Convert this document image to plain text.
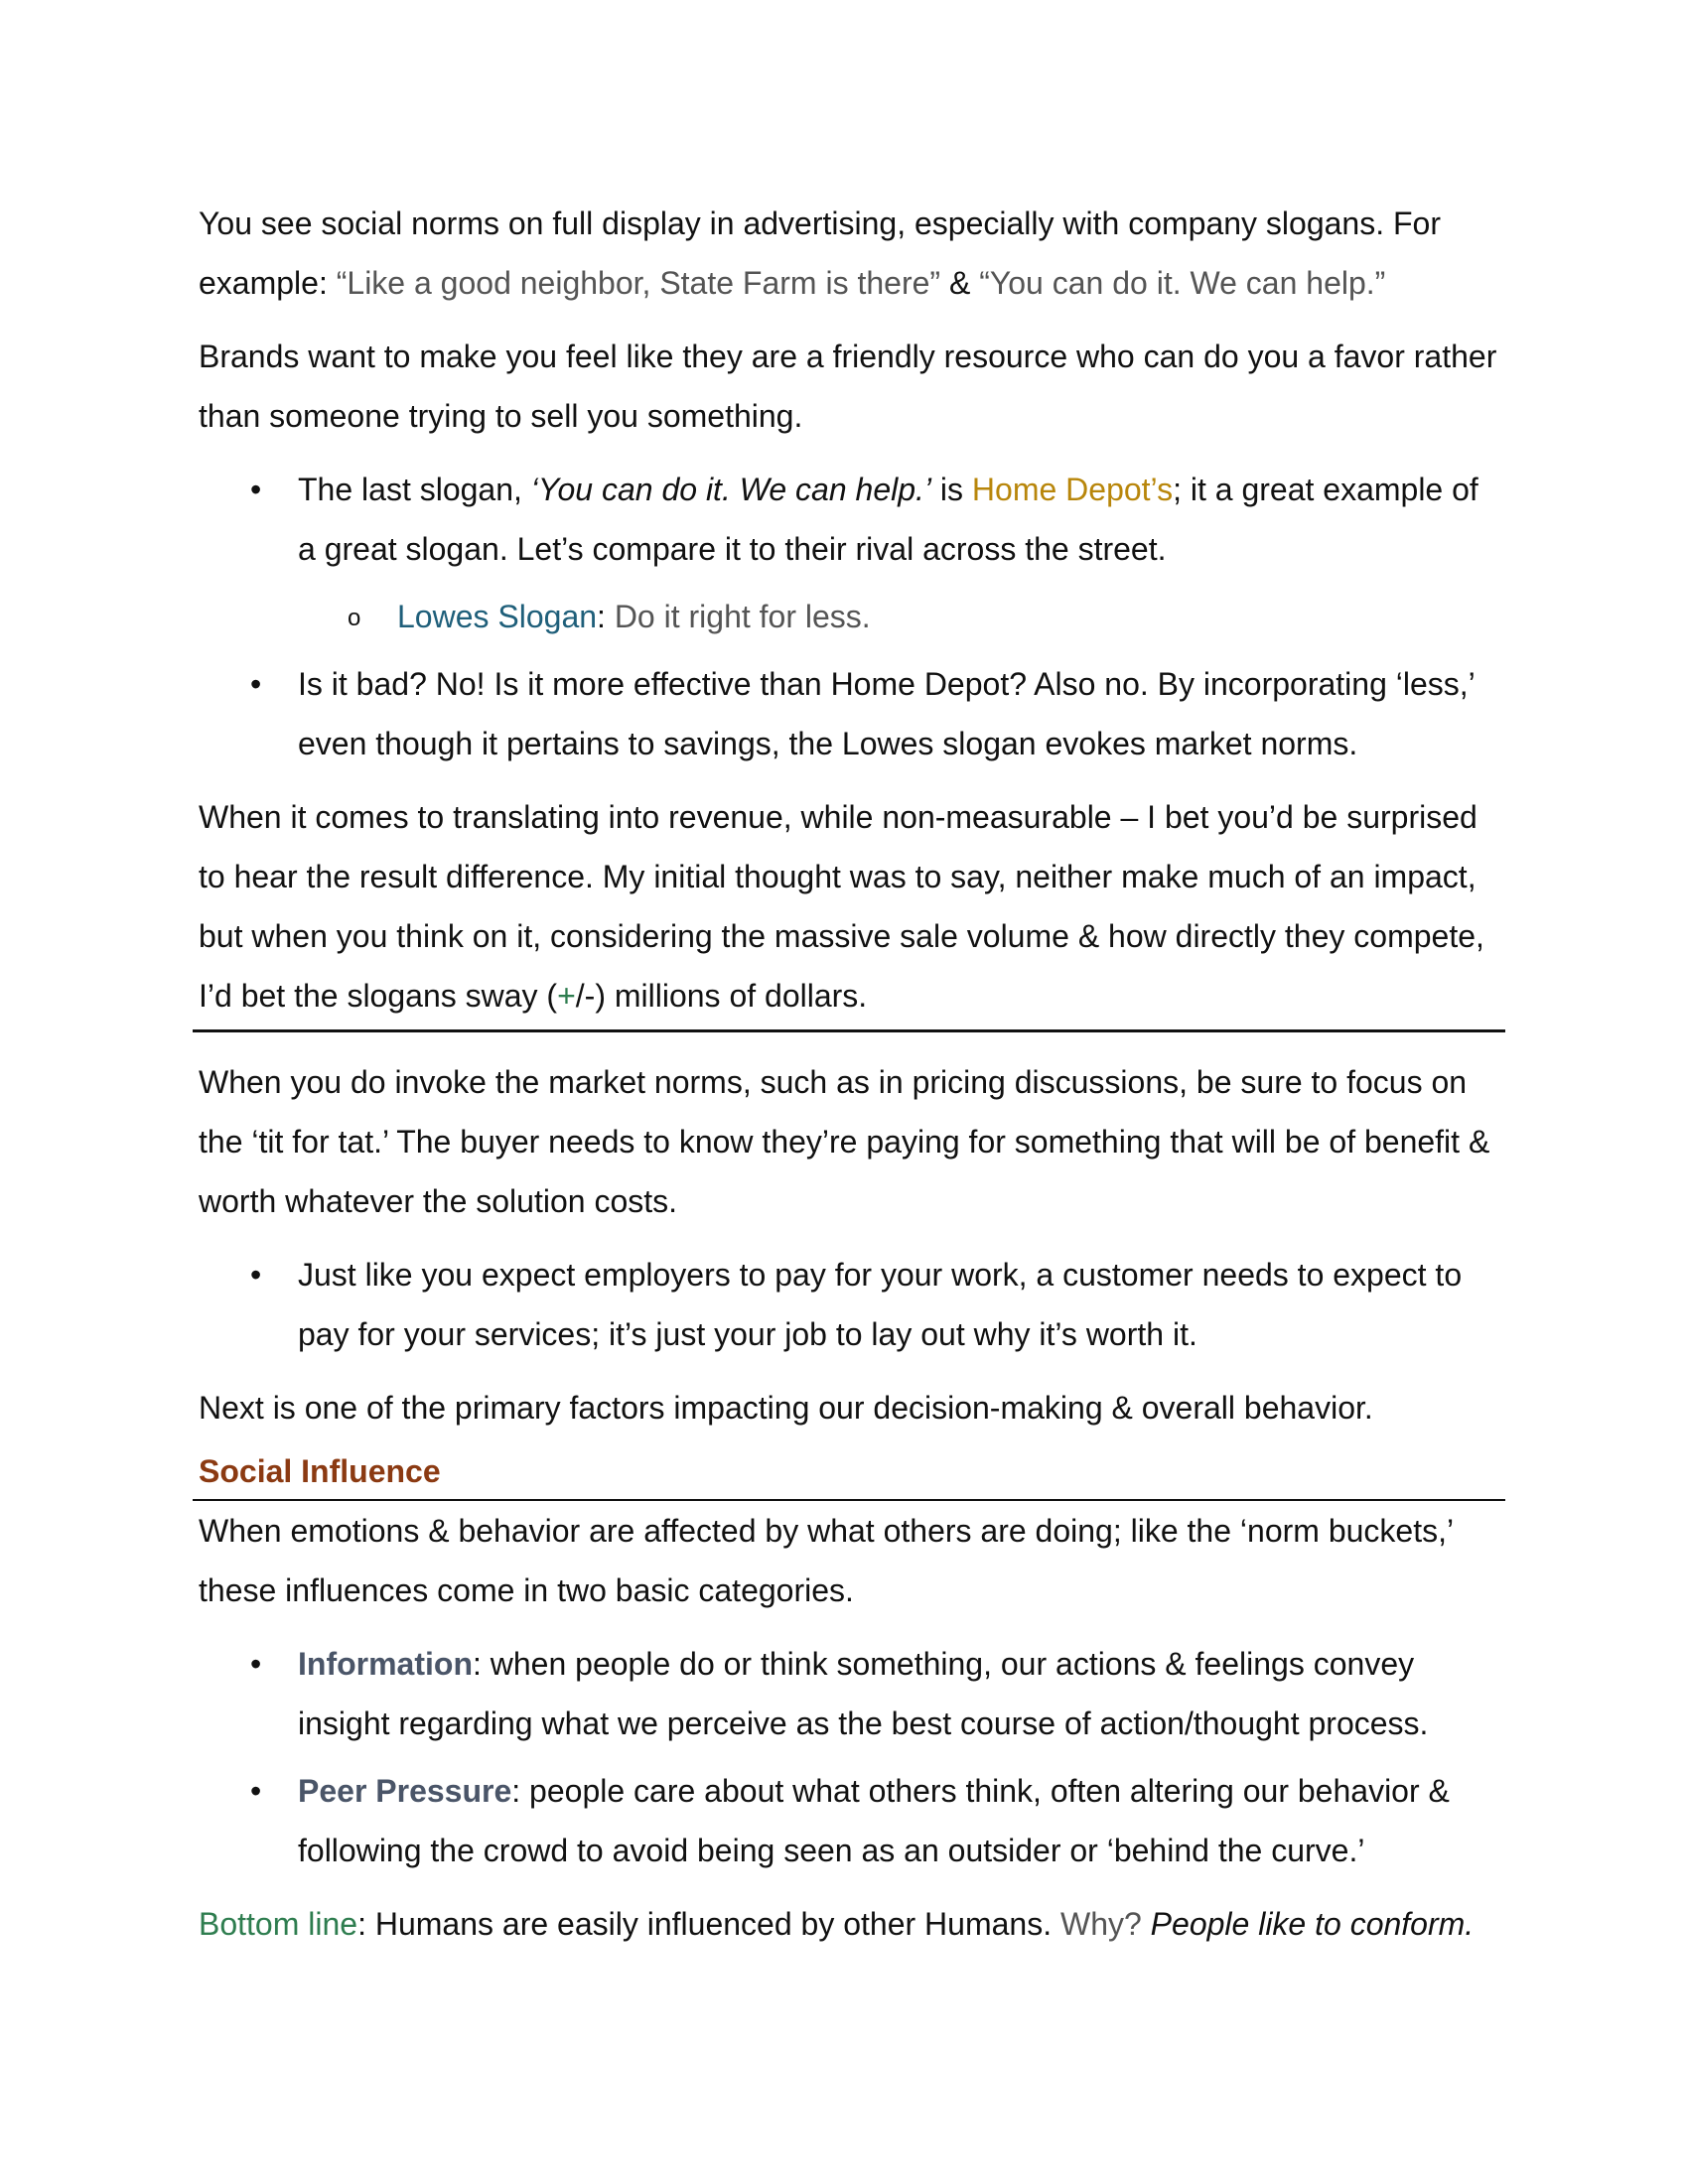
You see social norms on full display in advertising, especially with company slogans. For example: “Like a good neighbor, State Farm is there” & “You can do it. We can help.”

Brands want to make you feel like they are a friendly resource who can do you a favor rather than someone trying to sell you something.

• The last slogan, ‘You can do it. We can help.’ is Home Depot’s; it a great example of a great slogan. Let’s compare it to their rival across the street.
o Lowes Slogan: Do it right for less.
• Is it bad? No! Is it more effective than Home Depot? Also no. By incorporating ‘less,’ even though it pertains to savings, the Lowes slogan evokes market norms.

When it comes to translating into revenue, while non-measurable – I bet you’d be surprised to hear the result difference. My initial thought was to say, neither make much of an impact, but when you think on it, considering the massive sale volume & how directly they compete, I’d bet the slogans sway (+/-) millions of dollars.

When you do invoke the market norms, such as in pricing discussions, be sure to focus on the ‘tit for tat.’ The buyer needs to know they’re paying for something that will be of benefit & worth whatever the solution costs.

• Just like you expect employers to pay for your work, a customer needs to expect to pay for your services; it’s just your job to lay out why it’s worth it.

Next is one of the primary factors impacting our decision-making & overall behavior.

Social Influence

When emotions & behavior are affected by what others are doing; like the ‘norm buckets,’ these influences come in two basic categories.

• Information: when people do or think something, our actions & feelings convey insight regarding what we perceive as the best course of action/thought process.
• Peer Pressure: people care about what others think, often altering our behavior & following the crowd to avoid being seen as an outsider or ‘behind the curve.’

Bottom line: Humans are easily influenced by other Humans. Why? People like to conform.
